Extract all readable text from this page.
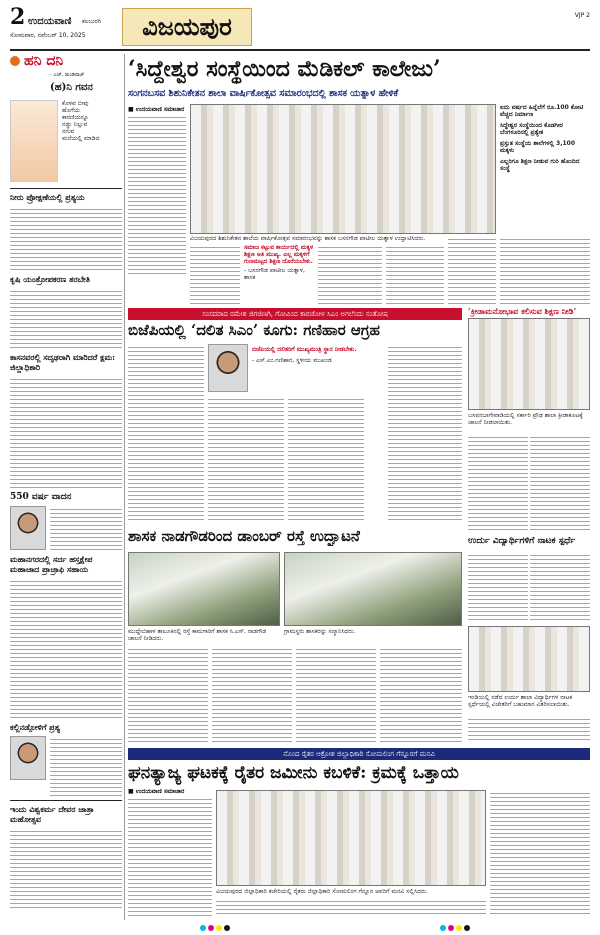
2 ಉದಯವಾಣಿ ಕಲಬುರಗಿ
ಸೋಮವಾರ, ನವೆಂಬರ್ 10, 2025	ವಿಜಯಪುರ	VJP 2
ಹನಿ ದನಿ
- ಎಚ್. ಡುಂಡಿರಾಜ್
(ಹ)ನಿ ಗವನ
ಕೊಳವ ಬೀವು
ಹೊಗೆಯ
ಕಾರಣಿಯನ್ನೂ
ನಡ್ಡು ನಿಲ್ಲುವ
ನಗುವ
ಮನೆಯಲ್ಲಿ ಮಾಡಿದ
ನೀರು ಪ್ರೋಕ್ಷಣೆಯಲ್ಲಿ ಪ್ರತ್ಯಯ
ಕೃಷಿ ಯಂತ್ರೋಪಕರಣ ತರಬೇತಿ
ಕಾಸನವರಲ್ಲಿ ಸದೃಢರಾಗಿ ಮಾರಿದರೆ ಕ್ಷಮ: ಜಿಲ್ಲಾಧಿಕಾರಿ
550 ವರ್ಷ ವಾದನ
ಮಹಾನಗರದಲ್ಲಿ ಸರ್ದ ಹಸ್ತಕ್ಷೇಪ ಮಹಾಜಾದ ಪ್ರಾಚ್ರಾಫಿ ಸಹಾಯ
ಕಲ್ಲಿನಡ್ಗೋಳಿಗೆ ಪ್ರತ್ಯ
ಇಂದು ವಿಶ್ವಕರ್ಮ ದೇವರ ಜಾತ್ರಾ ಮಹೋತ್ಸವ
‘ಸಿದ್ದೇಶ್ವರ ಸಂಸ್ಥೆಯಿಂದ ಮೆಡಿಕಲ್ ಕಾಲೇಜು’
ಸಂಗನಬಸವ ಶಿಶುನಿಕೇತನ ಶಾಲಾ ವಾರ್ಷಿಕೋತ್ಸವ ಸಮಾರಂಭದಲ್ಲಿ ಶಾಸಕ ಯತ್ನಾಳ ಹೇಳಿಕೆ
■ ಉದಯವಾಣಿ ಸಮಾಚಾರ
ವಿಜಯಪುರದ ಶಿಶುನಿಕೇತನ ಶಾಲೆಯ ವಾರ್ಷಿಕೋತ್ಸವ ಸಮಾರಂಭವನ್ನು ಶಾಸಕ ಬಸನಗೌಡ ಪಾಟೀಲ ಯತ್ನಾಳ ಉದ್ಘಾಟಿಸಿದರು.
ಐದು ವರ್ಷದ ಹಿನ್ನೆಲೆಗೆ ರೂ.100 ಕೋಟಿ ವೆಚ್ಚದ ನಿರ್ಮಾಣ
ಸಿದ್ಧೇಶ್ವರ ಸಂಸ್ಥೆಯಿಂದ ಕೊಡಗೀರ ಬೆಂಗಳೂರಿನಲ್ಲಿ ಪ್ರತ್ಯೇಕ
ಪ್ರಸ್ತುತ ಸಂಸ್ಥೆಯ ಶಾಲೆಗಳಲ್ಲಿ 3,100 ಮಕ್ಕಳು
ಎಲ್ಲರಿಗೂ ಶಿಕ್ಷಣ ನೀಡುವ ಗುರಿ ಹೊಂದಿದ ಸಂಸ್ಥೆ
ಸಮಾಜ ಕಟ್ಟುವ ಕಾರ್ಯದಲ್ಲಿ ಮಕ್ಕಳ ಶಿಕ್ಷಣ ಅತಿ ಮುಖ್ಯ. ಎಲ್ಲ ಮಕ್ಕಳಿಗೆ ಗುಣಮಟ್ಟದ ಶಿಕ್ಷಣ ದೊರೆಯಬೇಕು.
- ಬಸನಗೌಡ ಪಾಟೀಲ ಯತ್ನಾಳ, ಶಾಸಕ
ಸಂಸದರಾದ ರಮೇಶ ಜಿಗಜಿಣಗಿ, ಗೋವಿಂದ ಕಾರಜೋಳ ಸಿಎಂ ಅಗಲೆಂದು ಸಂತೋಷ
ಬಿಜೆಪಿಯಲ್ಲಿ ‘ದಲಿತ ಸಿಎಂ’ ಕೂಗು: ಗಣಿಹಾರ ಆಗ್ರಹ
ಬಿಜೆಪಿಯಲ್ಲಿ ದಲಿತರಿಗೆ ಮುಖ್ಯಮಂತ್ರಿ ಸ್ಥಾನ ನೀಡಬೇಕು.
- ಎಸ್.ಎಂ.ಗಣಿಹಾರ, ಸ್ಥಳೀಯ ಮುಖಂಡ
‘ಕ್ರೀಡಾಮನೋಭಾವ ಕಲಿಸುವ ಶಿಕ್ಷಣ ನೀಡಿ’
ಬಸವನಬಾಗೇವಾಡಿಯಲ್ಲಿ ಸರ್ಕಾರಿ ಪ್ರೌಢ ಶಾಲಾ ಕ್ರೀಡಾಕೂಟಕ್ಕೆ ಚಾಲನೆ ನೀಡಲಾಯಿತು.
ಶಾಸಕ ನಾಡಗೌಡರಿಂದ ಡಾಂಬರ್ ರಸ್ತೆ ಉದ್ಘಾಟನೆ
ಮುದ್ದೇಬಿಹಾಳ ತಾಲೂಕಿನಲ್ಲಿ ರಸ್ತೆ ಕಾಮಗಾರಿಗೆ ಶಾಸಕ ಸಿ.ಎಸ್. ನಾಡಗೌಡ ಚಾಲನೆ ನೀಡಿದರು.
ಗ್ರಾಮಸ್ಥರು ಶಾಸಕರನ್ನು ಸನ್ಮಾನಿಸಿದರು.
ಉರ್ದು ವಿದ್ಯಾರ್ಥಿಗಳಿಗೆ ನಾಟಕ ಸ್ಪರ್ಧೆ
ಇಂಡಿಯಲ್ಲಿ ನಡೆದ ಉರ್ದು ಶಾಲಾ ವಿದ್ಯಾರ್ಥಿಗಳ ನಾಟಕ ಸ್ಪರ್ಧೆಯಲ್ಲಿ ವಿಜೇತರಿಗೆ ಬಹುಮಾನ ವಿತರಿಸಲಾಯಿತು.
ನೊಂದ ರೈತರ ಆಕ್ರೋಶ ಜಿಲ್ಲಾಧಿಕಾರಿ ಸೋಮಲಿಂಗ ಗೆನ್ನೂರಗೆ ಮನವಿ
ಘನತ್ಯಾಜ್ಯ ಘಟಕಕ್ಕೆ ರೈತರ ಜಮೀನು ಕಬಳಿಕೆ: ಕ್ರಮಕ್ಕೆ ಒತ್ತಾಯ
■ ಉದಯವಾಣಿ ಸಮಾಚಾರ
ವಿಜಯಪುರದ ಜಿಲ್ಲಾಧಿಕಾರಿ ಕಚೇರಿಯಲ್ಲಿ ರೈತರು ಜಿಲ್ಲಾಧಿಕಾರಿ ಸೋಮಲಿಂಗ ಗೆನ್ನೂರ ಅವರಿಗೆ ಮನವಿ ಸಲ್ಲಿಸಿದರು.
